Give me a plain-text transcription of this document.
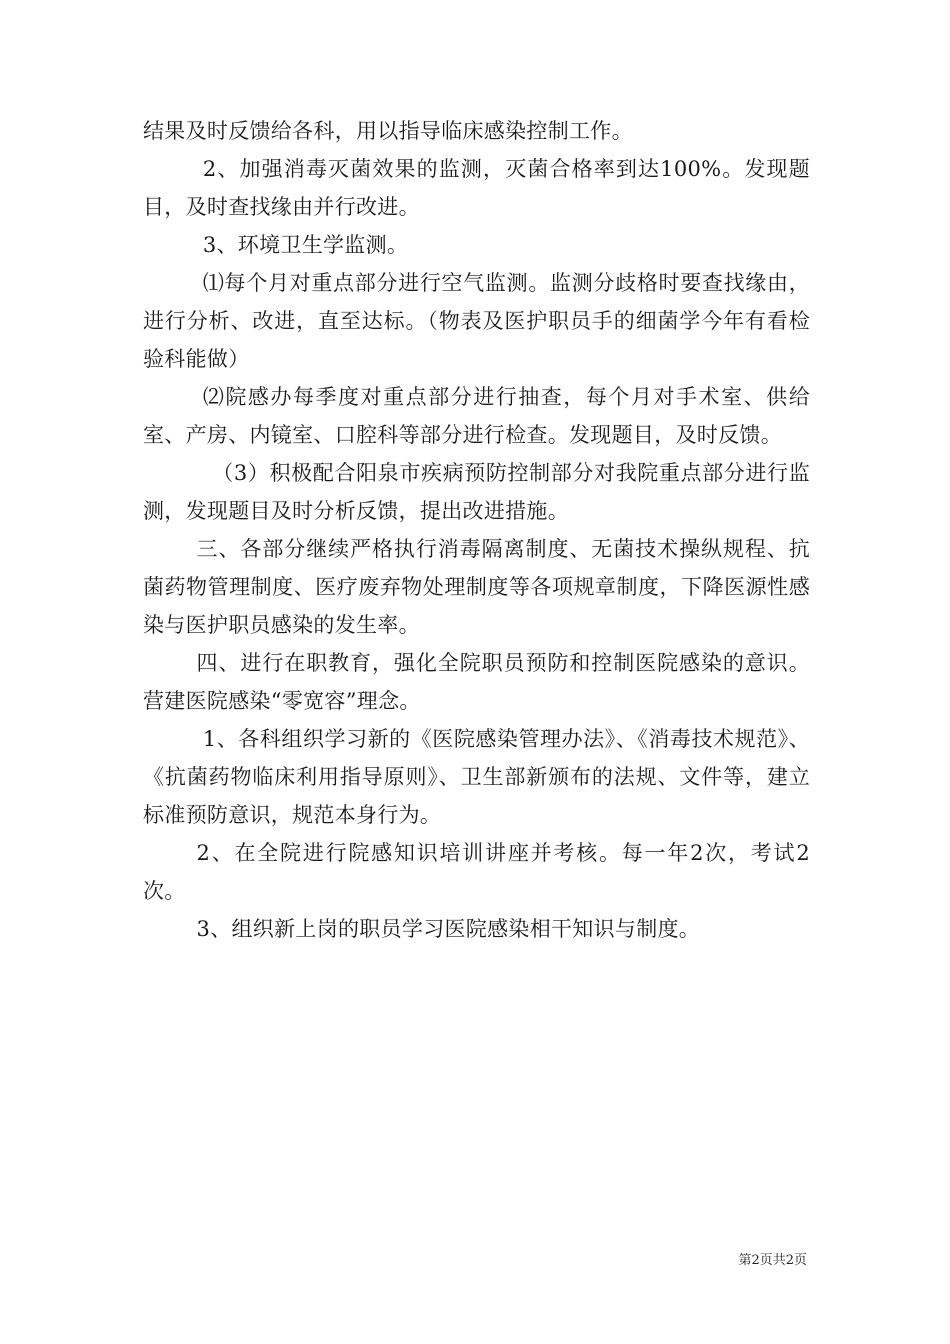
结果及时反馈给各科，用以指导临床感染控制工作。

2、加强消毒灭菌效果的监测，灭菌合格率到达100%。发现题目，及时查找缘由并行改进。

3、环境卫生学监测。

⑴每个月对重点部分进行空气监测。监测分歧格时要查找缘由，进行分析、改进，直至达标。（物表及医护职员手的细菌学今年有看检验科能做）

⑵院感办每季度对重点部分进行抽查，每个月对手术室、供给室、产房、内镜室、口腔科等部分进行检查。发现题目，及时反馈。

（3）积极配合阳泉市疾病预防控制部分对我院重点部分进行监测，发现题目及时分析反馈，提出改进措施。

三、各部分继续严格执行消毒隔离制度、无菌技术操纵规程、抗菌药物管理制度、医疗废弃物处理制度等各项规章制度，下降医源性感染与医护职员感染的发生率。

四、进行在职教育，强化全院职员预防和控制医院感染的意识。营建医院感染“零宽容”理念。

1、各科组织学习新的《医院感染管理办法》、《消毒技术规范》、《抗菌药物临床利用指导原则》、卫生部新颁布的法规、文件等，建立标准预防意识，规范本身行为。

2、在全院进行院感知识培训讲座并考核。每一年2次，考试2次。

3、组织新上岗的职员学习医院感染相干知识与制度。

第2页共2页
